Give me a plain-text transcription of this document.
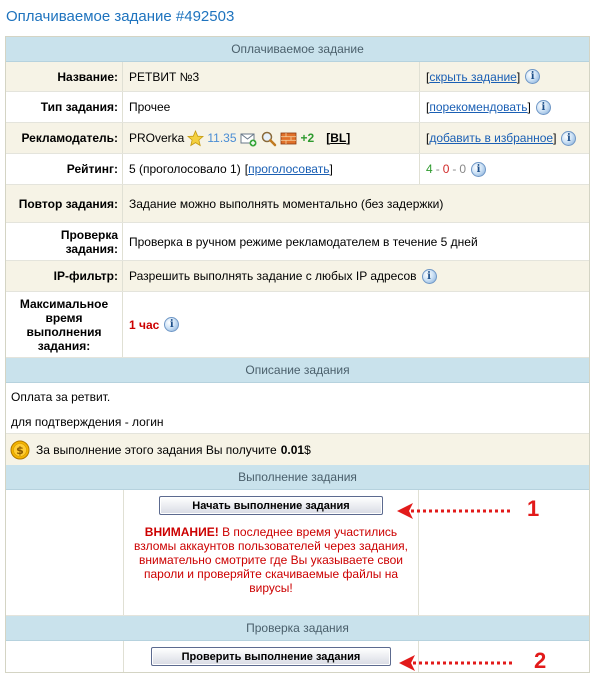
Оплачиваемое задание #492503
Оплачиваемое задание
Название: РЕТВИТ №3	[ скрыть задание ]	i
Тип задания: Прочее	[ порекомендовать ]	i
Рекламодатель: PROverka 11.35	+2 [ BL ]	[ добавить в избранное ]	i
Рейтинг: 5 (проголосовало 1) [ проголосовать ]	4 - 0 - 0	i
Повтор задания: Задание можно выполнять моментально (без задержки)
Проверка задания: Проверка в ручном режиме рекламодателем в течение 5 дней
IP-фильтр: Разрешить выполнять задание с любых IP адресов	i
Максимальное время выполнения задания:
1 час	i
Описание задания
Оплата за ретвит.
для подтверждения - логин
$ За выполнение этого задания Вы получите 0.01 $
Выполнение задания
Начать выполнение задания
ВНИМАНИЕ! В последнее время участились взломы аккаунтов пользователей через задания, внимательно смотрите где Вы указываете свои пароли и проверяйте скачиваемые файлы на вирусы!
Проверка задания
Проверить выполнение задания
1
2
